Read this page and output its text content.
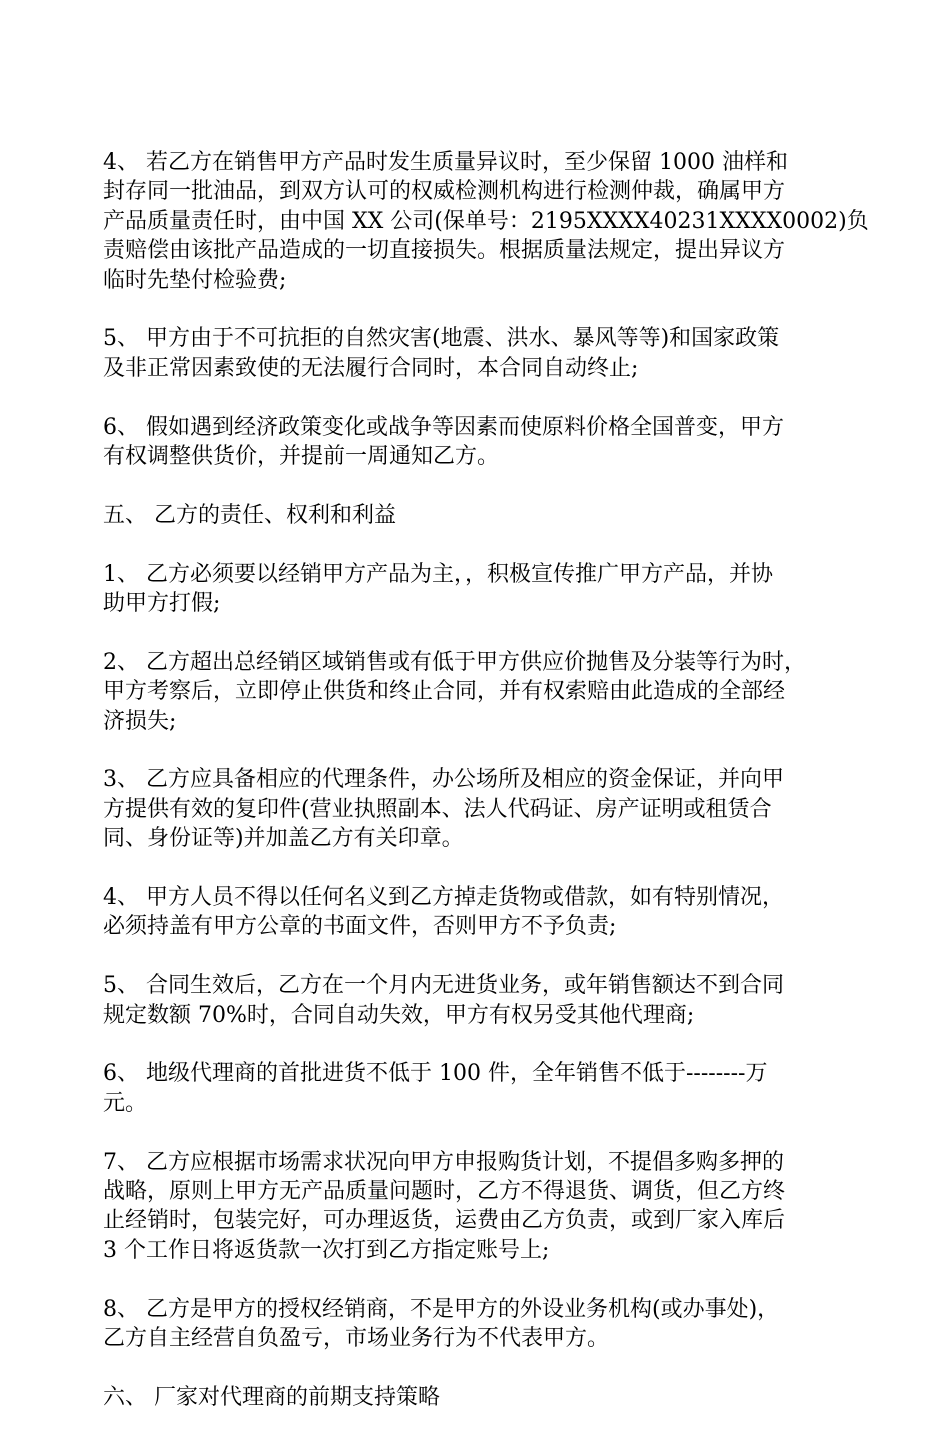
4、 若乙方在销售甲方产品时发生质量异议时，至少保留 1000 油样和
封存同一批油品，到双方认可的权威检测机构进行检测仲裁，确属甲方
产品质量责任时，由中国 XX 公司(保单号：2195XXXX40231XXXX0002)负
责赔偿由该批产品造成的一切直接损失。根据质量法规定，提出异议方
临时先垫付检验费;
5、 甲方由于不可抗拒的自然灾害(地震、洪水、暴风等等)和国家政策
及非正常因素致使的无法履行合同时，本合同自动终止;
6、 假如遇到经济政策变化或战争等因素而使原料价格全国普变，甲方
有权调整供货价，并提前一周通知乙方。
五、 乙方的责任、权利和利益
1、 乙方必须要以经销甲方产品为主，，积极宣传推广甲方产品，并协
助甲方打假;
2、 乙方超出总经销区域销售或有低于甲方供应价抛售及分装等行为时，
甲方考察后，立即停止供货和终止合同，并有权索赔由此造成的全部经
济损失;
3、 乙方应具备相应的代理条件，办公场所及相应的资金保证，并向甲
方提供有效的复印件(营业执照副本、法人代码证、房产证明或租赁合
同、身份证等)并加盖乙方有关印章。
4、 甲方人员不得以任何名义到乙方掉走货物或借款，如有特别情况，
必须持盖有甲方公章的书面文件，否则甲方不予负责;
5、 合同生效后，乙方在一个月内无进货业务，或年销售额达不到合同
规定数额 70%时，合同自动失效，甲方有权另受其他代理商;
6、 地级代理商的首批进货不低于 100 件，全年销售不低于--------万
元。
7、 乙方应根据市场需求状况向甲方申报购货计划，不提倡多购多押的
战略，原则上甲方无产品质量问题时，乙方不得退货、调货，但乙方终
止经销时，包装完好，可办理返货，运费由乙方负责，或到厂家入库后
3 个工作日将返货款一次打到乙方指定账号上;
8、 乙方是甲方的授权经销商，不是甲方的外设业务机构(或办事处)，
乙方自主经营自负盈亏，市场业务行为不代表甲方。
六、 厂家对代理商的前期支持策略
